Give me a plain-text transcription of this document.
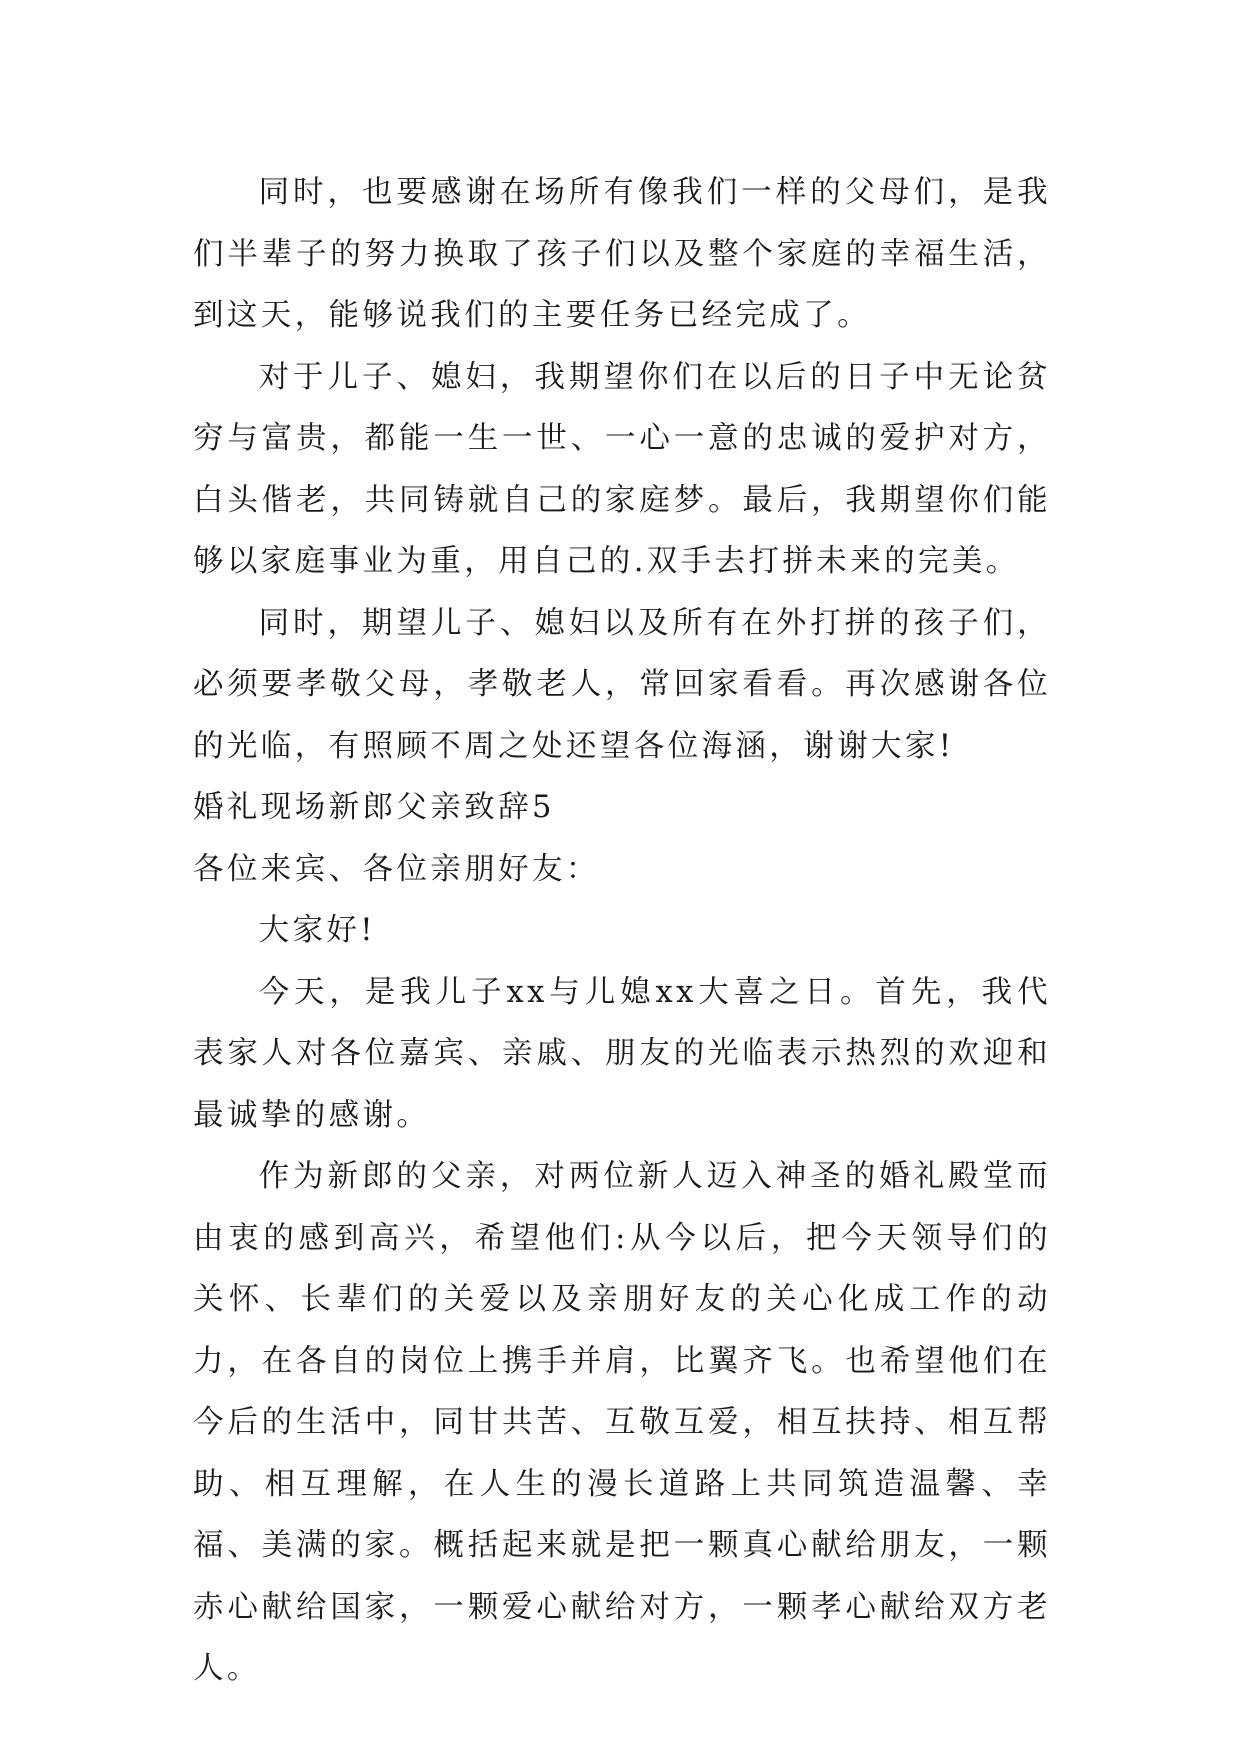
同时，也要感谢在场所有像我们一样的父母们，是我们半辈子的努力换取了孩子们以及整个家庭的幸福生活，到这天，能够说我们的主要任务已经完成了。

对于儿子、媳妇，我期望你们在以后的日子中无论贫穷与富贵，都能一生一世、一心一意的忠诚的爱护对方，白头偕老，共同铸就自己的家庭梦。最后，我期望你们能够以家庭事业为重，用自己的.双手去打拼未来的完美。

同时，期望儿子、媳妇以及所有在外打拼的孩子们，必须要孝敬父母，孝敬老人，常回家看看。再次感谢各位的光临，有照顾不周之处还望各位海涵，谢谢大家!

婚礼现场新郎父亲致辞5

各位来宾、各位亲朋好友：

大家好!

今天，是我儿子xx与儿媳xx大喜之日。首先，我代表家人对各位嘉宾、亲戚、朋友的光临表示热烈的欢迎和最诚挚的感谢。

作为新郎的父亲，对两位新人迈入神圣的婚礼殿堂而由衷的感到高兴，希望他们:从今以后，把今天领导们的关怀、长辈们的关爱以及亲朋好友的关心化成工作的动力，在各自的岗位上携手并肩，比翼齐飞。也希望他们在今后的生活中，同甘共苦、互敬互爱，相互扶持、相互帮助、相互理解，在人生的漫长道路上共同筑造温馨、幸福、美满的家。概括起来就是把一颗真心献给朋友，一颗赤心献给国家，一颗爱心献给对方，一颗孝心献给双方老人。
